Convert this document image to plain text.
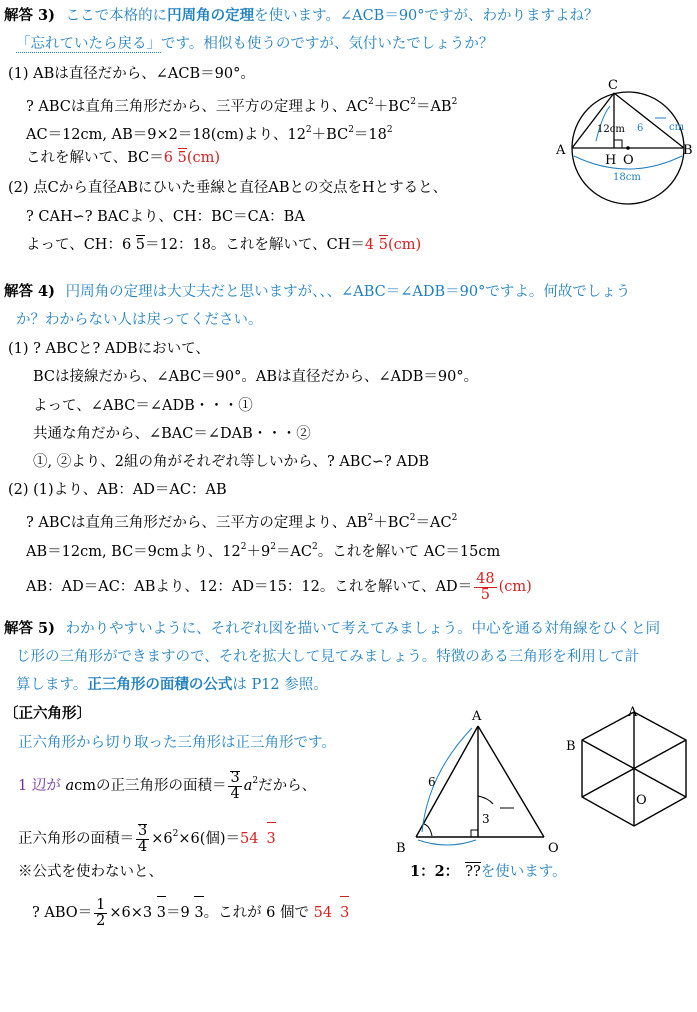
解答 3) ここで本格的に円周角の定理を使います。∠ACB＝90°ですが、わかりますよね？
「忘れていたら戻る」です。相似も使うのですが、気付いたでしょうか？
(1) ABは直径だから、∠ACB＝90°。
? ABCは直角三角形だから、三平方の定理より、$AC^2+BC^2=AB^2$
AC＝12cm, AB＝9×2＝18(cm)より、$12^2+BC^2=18^2$
これを解いて、BC＝6 5(cm)
(2) 点Cから直径ABにひいた垂線と直径ABとの交点をHとすると、
? CAH∽? BACより、CH：BC＝CA：BA
よって、CH：6 5＝12：18。これを解いて、CH＝4 5(cm)
C
A	B
H O
12cm 6	cm
18cm
解答 4) 円周角の定理は大丈夫だと思いますが、、、∠ABC＝∠ADB＝90°ですよ。何故でしょう
か？わからない人は戻ってください。
(1) ? ABCと? ADBにおいて、
BCは接線だから、∠ABC＝90°。ABは直径だから、∠ADB＝90°。
よって、∠ABC＝∠ADB・・・①
共通な角だから、∠BAC＝∠DAB・・・②
①, ②より、2組の角がそれぞれ等しいから、? ABC∽? ADB
(2) (1)より、AB：AD＝AC：AB
? ABCは直角三角形だから、三平方の定理より、$AB^2+BC^2=AC^2$
AB＝12cm, BC＝9cmより、$12^2+9^2=AC^2$。これを解いて AC＝15cm
AB：AD＝AC：ABより、12：AD＝15：12。これを解いて、$AD= \frac{48}{5} (cm)$
解答 5) わかりやすいように、それぞれ図を描いて考えてみましょう。中心を通る対角線をひくと同
じ形の三角形ができますので、それを拡大して見てみましょう。特徴のある三角形を利用して計
算します。正三角形の面積の公式は P12 参照。
〔正六角形〕
正六角形から切り取った三角形は正三角形です。
1 辺が acmの正三角形の面積＝ $\frac{3}{4} a^2$だから、
正六角形の面積＝ $\frac{3}{4} \times 6^2\times 6$(個)＝54 3
※公式を使わないと、
? $ABO= \frac{1}{2} \times 6\times 3$ 3＝9 3。これが 6 個で 54 3
A
B	O
6
3
1：2： ??を使います。
A
B
O
